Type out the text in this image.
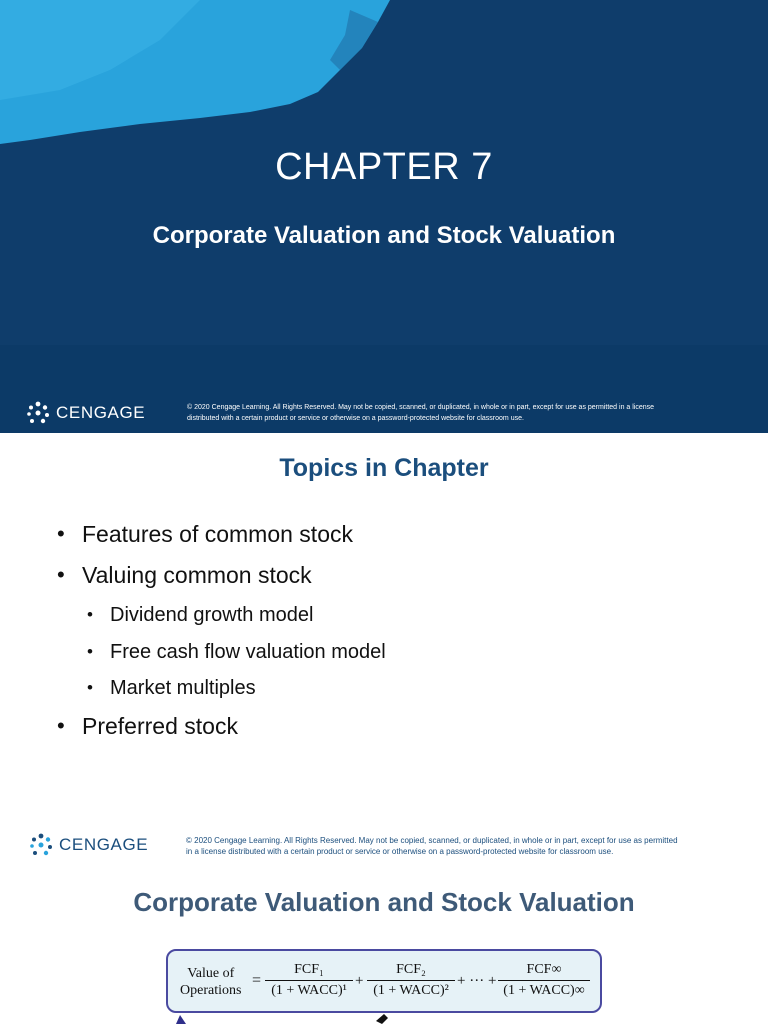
CHAPTER 7
Corporate Valuation and Stock Valuation
CENGAGE	© 2020 Cengage Learning. All Rights Reserved. May not be copied, scanned, or duplicated, in whole or in part, except for use as permitted in a license
distributed with a certain product or service or otherwise on a password-protected website for classroom use.
Topics in Chapter
• Features of common stock
• Valuing common stock
• Dividend growth model
• Free cash flow valuation model
• Market multiples
• Preferred stock
CENGAGE	© 2020 Cengage Learning. All Rights Reserved. May not be copied, scanned, or duplicated, in whole or in part, except for use as permitted
in a license distributed with a certain product or service or otherwise on a password-protected website for classroom use.
Corporate Valuation and Stock Valuation
Value of
Operations
=
FCF₁
(1 + WACC)¹
+
FCF₂
(1 + WACC)²
+ ··· +
FCF∞
(1 + WACC)∞
